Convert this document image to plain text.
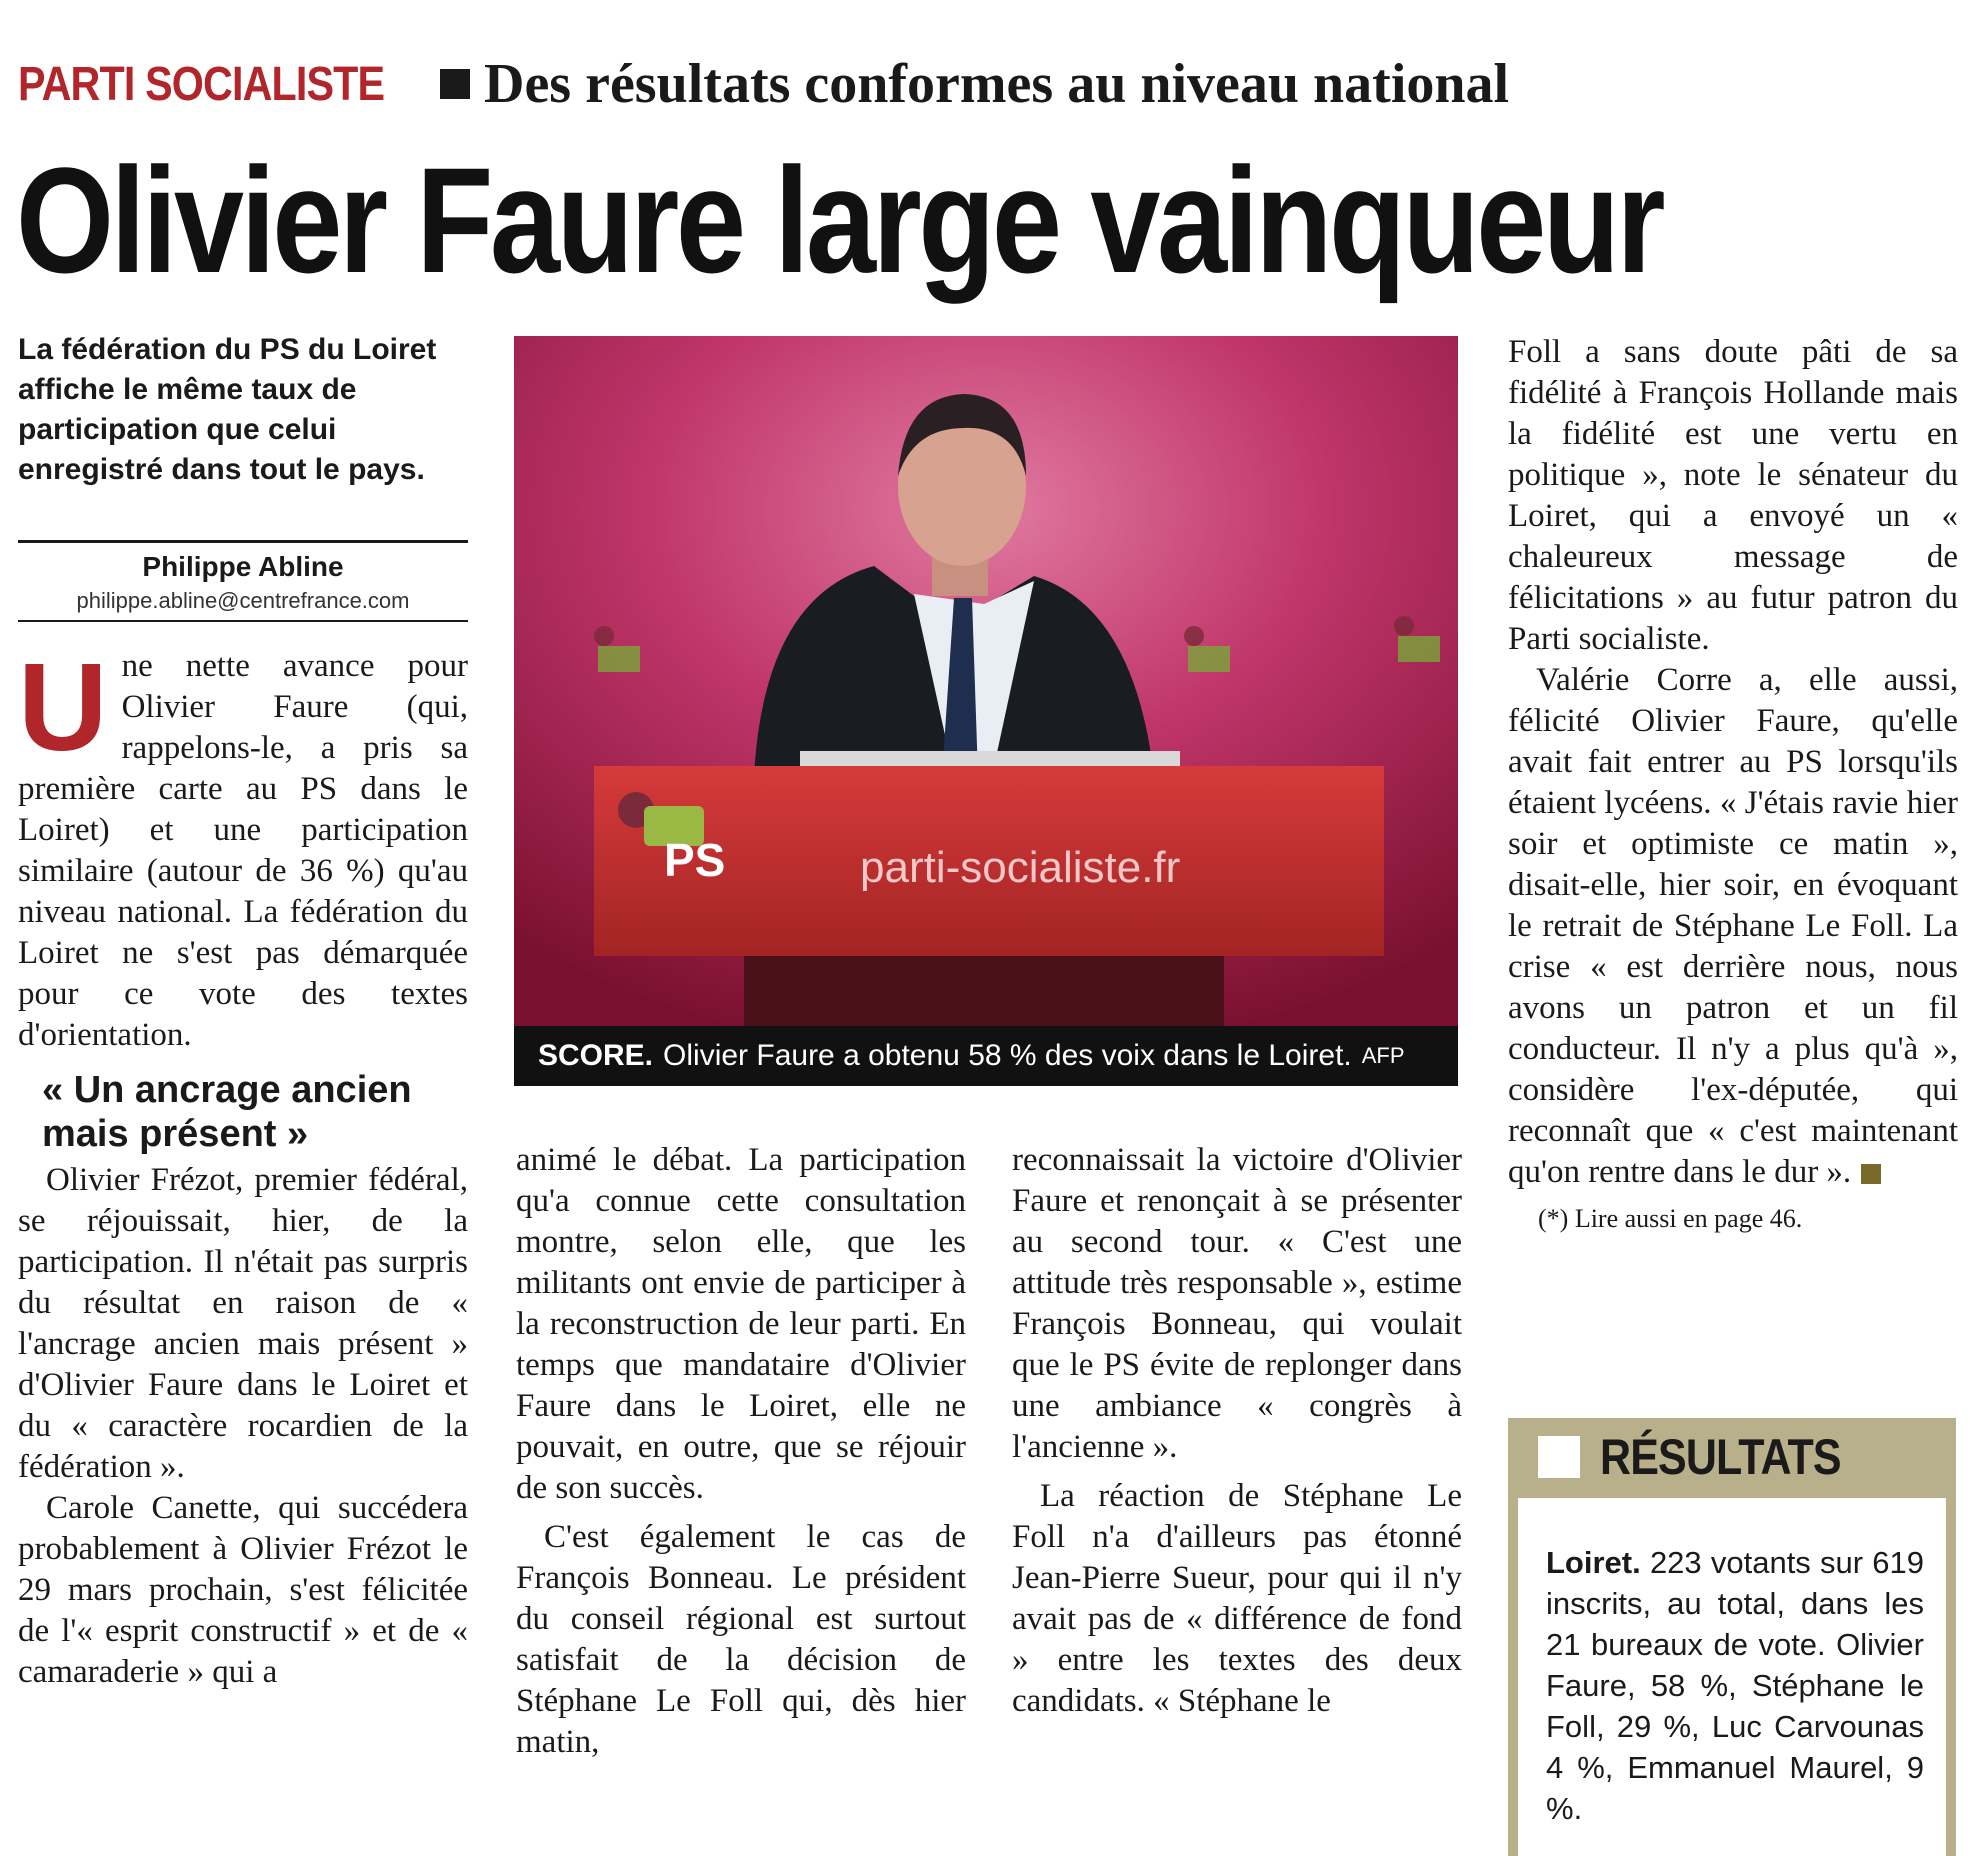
PARTI SOCIALISTE Des résultats conformes au niveau national
Olivier Faure large vainqueur
La fédération du PS du Loiret affiche le même taux de participation que celui enregistré dans tout le pays.
Philippe Abline
philippe.abline@centrefrance.com

Une nette avance pour Olivier Faure (qui, rappelons-le, a pris sa première carte au PS dans le Loiret) et une participation similaire (autour de 36 %) qu'au niveau national. La fédération du Loiret ne s'est pas démarquée pour ce vote des textes d'orientation.

« Un ancrage ancien mais présent »

Olivier Frézot, premier fédéral, se réjouissait, hier, de la participation. Il n'était pas surpris du résultat en raison de « l'ancrage ancien mais présent » d'Olivier Faure dans le Loiret et du « caractère rocardien de la fédération ».

Carole Canette, qui succédera probablement à Olivier Frézot le 29 mars prochain, s'est félicitée de l'« esprit constructif » et de « camaraderie » qui a

animé le débat. La participation qu'a connue cette consultation montre, selon elle, que les militants ont envie de participer à la reconstruction de leur parti. En temps que mandataire d'Olivier Faure dans le Loiret, elle ne pouvait, en outre, que se réjouir de son succès.

C'est également le cas de François Bonneau. Le président du conseil régional est surtout satisfait de la décision de Stéphane Le Foll qui, dès hier matin,

reconnaissait la victoire d'Olivier Faure et renonçait à se présenter au second tour. « C'est une attitude très responsable », estime François Bonneau, qui voulait que le PS évite de replonger dans une ambiance « congrès à l'ancienne ».

La réaction de Stéphane Le Foll n'a d'ailleurs pas étonné Jean-Pierre Sueur, pour qui il n'y avait pas de « différence de fond » entre les textes des deux candidats. « Stéphane le

Foll a sans doute pâti de sa fidélité à François Hollande mais la fidélité est une vertu en politique », note le sénateur du Loiret, qui a envoyé un « chaleureux message de félicitations » au futur patron du Parti socialiste.

Valérie Corre a, elle aussi, félicité Olivier Faure, qu'elle avait fait entrer au PS lorsqu'ils étaient lycéens. « J'étais ravie hier soir et optimiste ce matin », disait-elle, hier soir, en évoquant le retrait de Stéphane Le Foll. La crise « est derrière nous, nous avons un patron et un fil conducteur. Il n'y a plus qu'à », considère l'ex-députée, qui reconnaît que « c'est maintenant qu'on rentre dans le dur ».

(*) Lire aussi en page 46.

PS	parti-socialiste.fr
SCORE. Olivier Faure a obtenu 58 % des voix dans le Loiret. AFP
RÉSULTATS
Loiret. 223 votants sur 619 inscrits, au total, dans les 21 bureaux de vote. Olivier Faure, 58 %, Stéphane le Foll, 29 %, Luc Carvounas 4 %, Emmanuel Maurel, 9 %.
